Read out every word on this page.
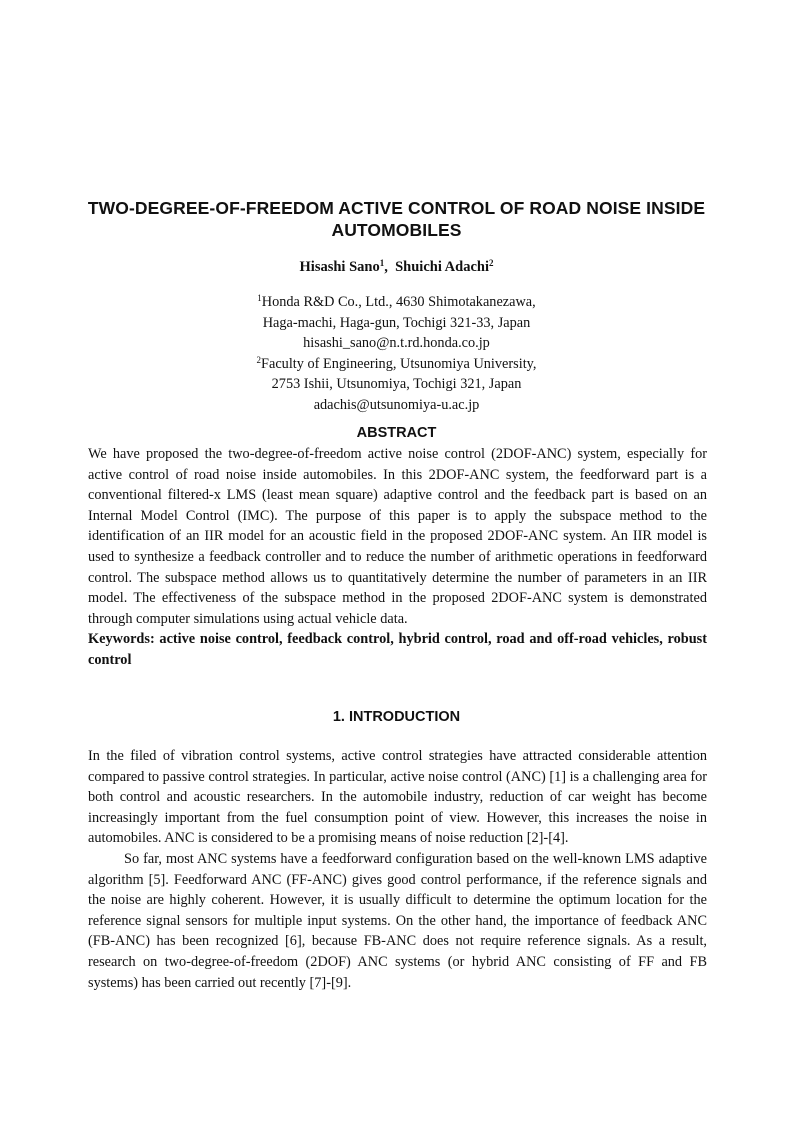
TWO-DEGREE-OF-FREEDOM ACTIVE CONTROL OF ROAD NOISE INSIDE AUTOMOBILES
Hisashi Sano$^1$,  Shuichi Adachi$^2$
$^1$Honda R&D Co., Ltd., 4630 Shimotakanezawa,
Haga-machi, Haga-gun, Tochigi 321-33, Japan
hisashi_sano@n.t.rd.honda.co.jp
$^2$Faculty of Engineering, Utsunomiya University,
2753 Ishii, Utsunomiya, Tochigi 321, Japan
adachis@utsunomiya-u.ac.jp
ABSTRACT

We have proposed the two-degree-of-freedom active noise control (2DOF-ANC) system, especially for active control of road noise inside automobiles. In this 2DOF-ANC system, the feedforward part is a conventional filtered-x LMS (least mean square) adaptive control and the feedback part is based on an Internal Model Control (IMC). The purpose of this paper is to apply the subspace method to the identification of an IIR model for an acoustic field in the proposed 2DOF-ANC system. An IIR model is used to synthesize a feedback controller and to reduce the number of arithmetic operations in feedforward control. The subspace method allows us to quantitatively determine the number of parameters in an IIR model. The effectiveness of the subspace method in the proposed 2DOF-ANC system is demonstrated through computer simulations using actual vehicle data.

Keywords: active noise control, feedback control, hybrid control, road and off-road vehicles, robust control

1. INTRODUCTION

In the filed of vibration control systems, active control strategies have attracted considerable attention compared to passive control strategies. In particular, active noise control (ANC) [1] is a challenging area for both control and acoustic researchers. In the automobile industry, reduction of car weight has become increasingly important from the fuel consumption point of view. However, this increases the noise in automobiles. ANC is considered to be a promising means of noise reduction [2]-[4].

So far, most ANC systems have a feedforward configuration based on the well-known LMS adaptive algorithm [5]. Feedforward ANC (FF-ANC) gives good control performance, if the reference signals and the noise are highly coherent. However, it is usually difficult to determine the optimum location for the reference signal sensors for multiple input systems. On the other hand, the importance of feedback ANC (FB-ANC) has been recognized [6], because FB-ANC does not require reference signals. As a result, research on two-degree-of-freedom (2DOF) ANC systems (or hybrid ANC consisting of FF and FB systems) has been carried out recently [7]-[9].
